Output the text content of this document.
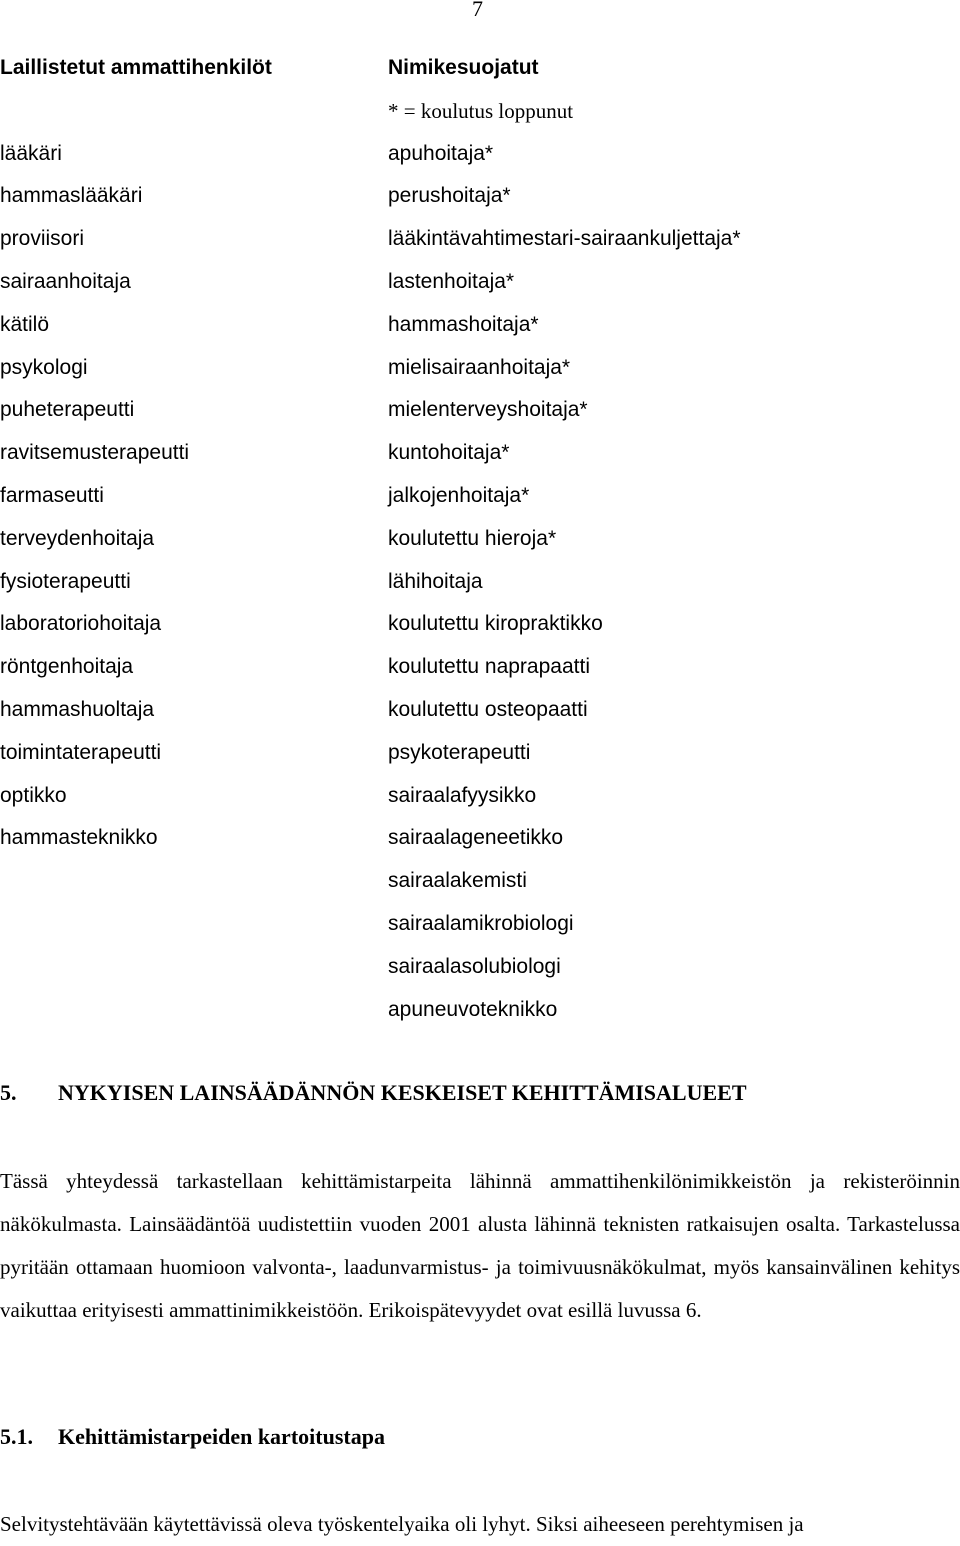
7
Laillistetut ammattihenkilöt
lääkäri
hammaslääkäri
proviisori
sairaanhoitaja
kätilö
psykologi
puheterapeutti
ravitsemusterapeutti
farmaseutti
terveydenhoitaja
fysioterapeutti
laboratoriohoitaja
röntgenhoitaja
hammashuoltaja
toimintaterapeutti
optikko
hammasteknikko
Nimikesuojatut
* = koulutus loppunut
apuhoitaja*
perushoitaja*
lääkintävahtimestari-sairaankuljettaja*
lastenhoitaja*
hammashoitaja*
mielisairaanhoitaja*
mielenterveyshoitaja*
kuntohoitaja*
jalkojenhoitaja*
koulutettu hieroja*
lähihoitaja
koulutettu kiropraktikko
koulutettu naprapaatti
koulutettu osteopaatti
psykoterapeutti
sairaalafyysikko
sairaalageneetikko
sairaalakemisti
sairaalamikrobiologi
sairaalasolubiologi
apuneuvoteknikko
5. NYKYISEN LAINSÄÄDÄNNÖN KESKEISET KEHITTÄMISALUEET

Tässä yhteydessä tarkastellaan kehittämistarpeita lähinnä ammattihenkilönimikkeistön ja rekisteröinnin näkökulmasta. Lainsäädäntöä uudistettiin vuoden 2001 alusta lähinnä teknisten ratkaisujen osalta. Tarkastelussa pyritään ottamaan huomioon valvonta-, laadunvarmistus- ja toimivuusnäkökulmat, myös kansainvälinen kehitys vaikuttaa erityisesti ammattinimikkeistöön. Erikoispätevyydet ovat esillä luvussa 6.

5.1. Kehittämistarpeiden kartoitustapa

Selvitystehtävään käytettävissä oleva työskentelyaika oli lyhyt. Siksi aiheeseen perehtymisen ja
